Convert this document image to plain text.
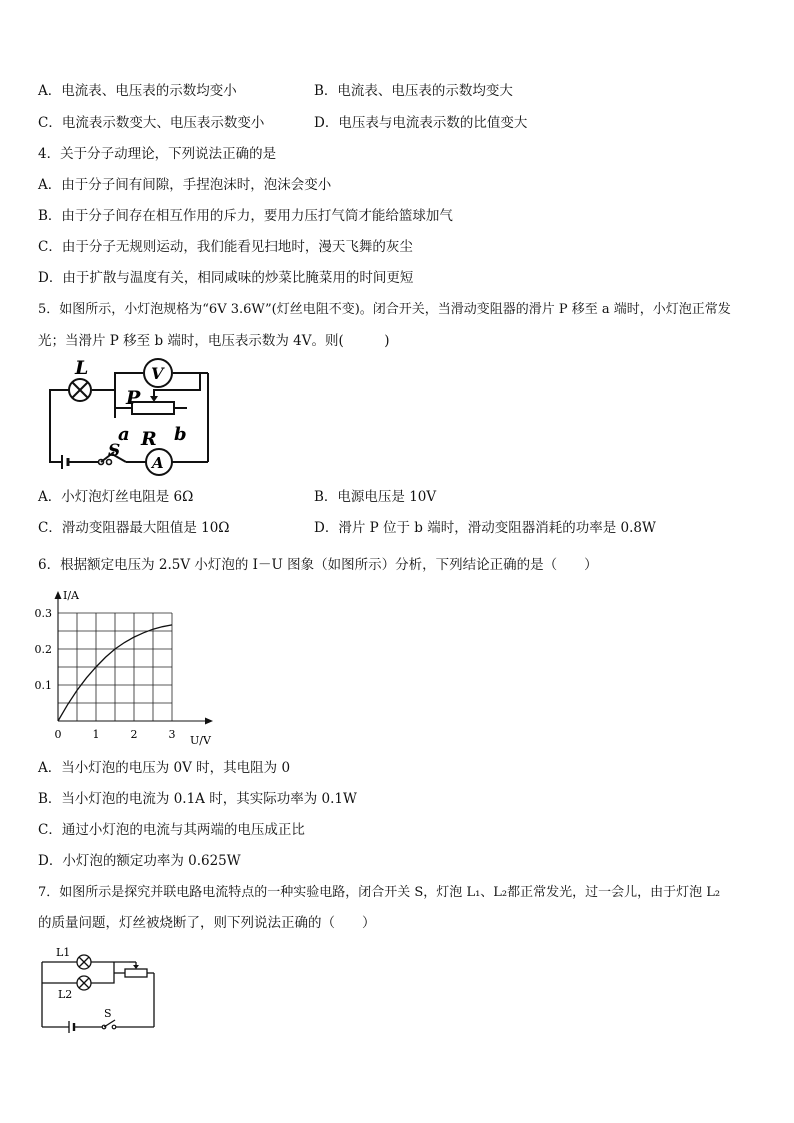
A．电流表、电压表的示数均变小	B．电流表、电压表的示数均变大
C．电流表示数变大、电压表示数变小	D．电压表与电流表示数的比值变大
4．关于分子动理论，下列说法正确的是
A．由于分子间有间隙，手捏泡沫时，泡沫会变小
B．由于分子间存在相互作用的斥力，要用力压打气筒才能给篮球加气
C．由于分子无规则运动，我们能看见扫地时，漫天飞舞的灰尘
D．由于扩散与温度有关，相同咸味的炒菜比腌菜用的时间更短
5．如图所示，小灯泡规格为“6V 3.6W”(灯丝电阻不变)。闭合开关，当滑动变阻器的滑片 P 移至 a 端时，小灯泡正常发
光；当滑片 P 移至 b 端时，电压表示数为 4V。则(　　　)
L	V
P
R
a b
S
A
A．小灯泡灯丝电阻是 6Ω	B．电源电压是 10V
C．滑动变阻器最大阻值是 10Ω	D．滑片 P 位于 b 端时，滑动变阻器消耗的功率是 0.8W
6．根据额定电压为 2.5V 小灯泡的 I－U 图象（如图所示）分析，下列结论正确的是（　　）
0	1	2	3
0.1
0.2
0.3
I/A
U/V
A．当小灯泡的电压为 0V 时，其电阻为 0
B．当小灯泡的电流为 0.1A 时，其实际功率为 0.1W
C．通过小灯泡的电流与其两端的电压成正比
D．小灯泡的额定功率为 0.625W
7．如图所示是探究并联电路电流特点的一种实验电路，闭合开关 S，灯泡 L₁、L₂都正常发光，过一会儿，由于灯泡 L₂
的质量问题，灯丝被烧断了，则下列说法正确的（　　）
L1
L2
S
